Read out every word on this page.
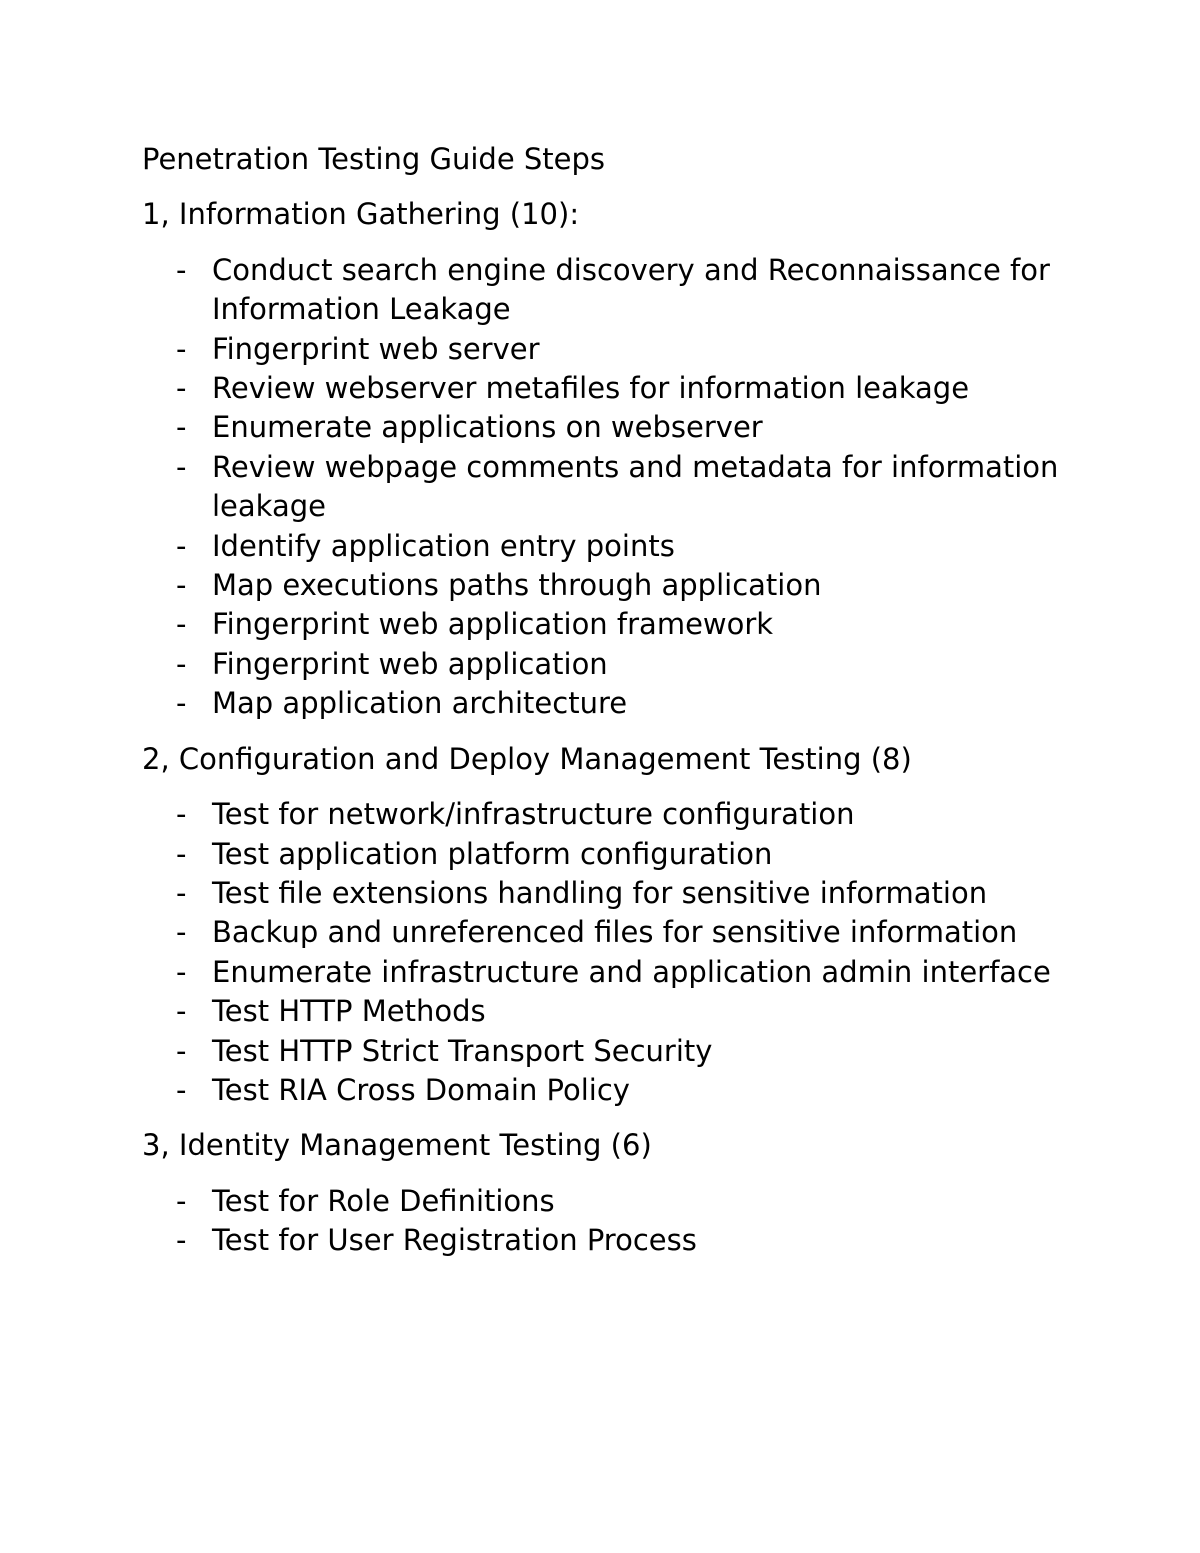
Penetration Testing Guide Steps
1, Information Gathering (10):
- Conduct search engine discovery and Reconnaissance for Information Leakage
- Fingerprint web server
- Review webserver metafiles for information leakage
- Enumerate applications on webserver
- Review webpage comments and metadata for information leakage
- Identify application entry points
- Map executions paths through application
- Fingerprint web application framework
- Fingerprint web application
- Map application architecture
2, Configuration and Deploy Management Testing (8)
- Test for network/infrastructure configuration
- Test application platform configuration
- Test file extensions handling for sensitive information
- Backup and unreferenced files for sensitive information
- Enumerate infrastructure and application admin interface
- Test HTTP Methods
- Test HTTP Strict Transport Security
- Test RIA Cross Domain Policy
3, Identity Management Testing (6)
- Test for Role Definitions
- Test for User Registration Process
